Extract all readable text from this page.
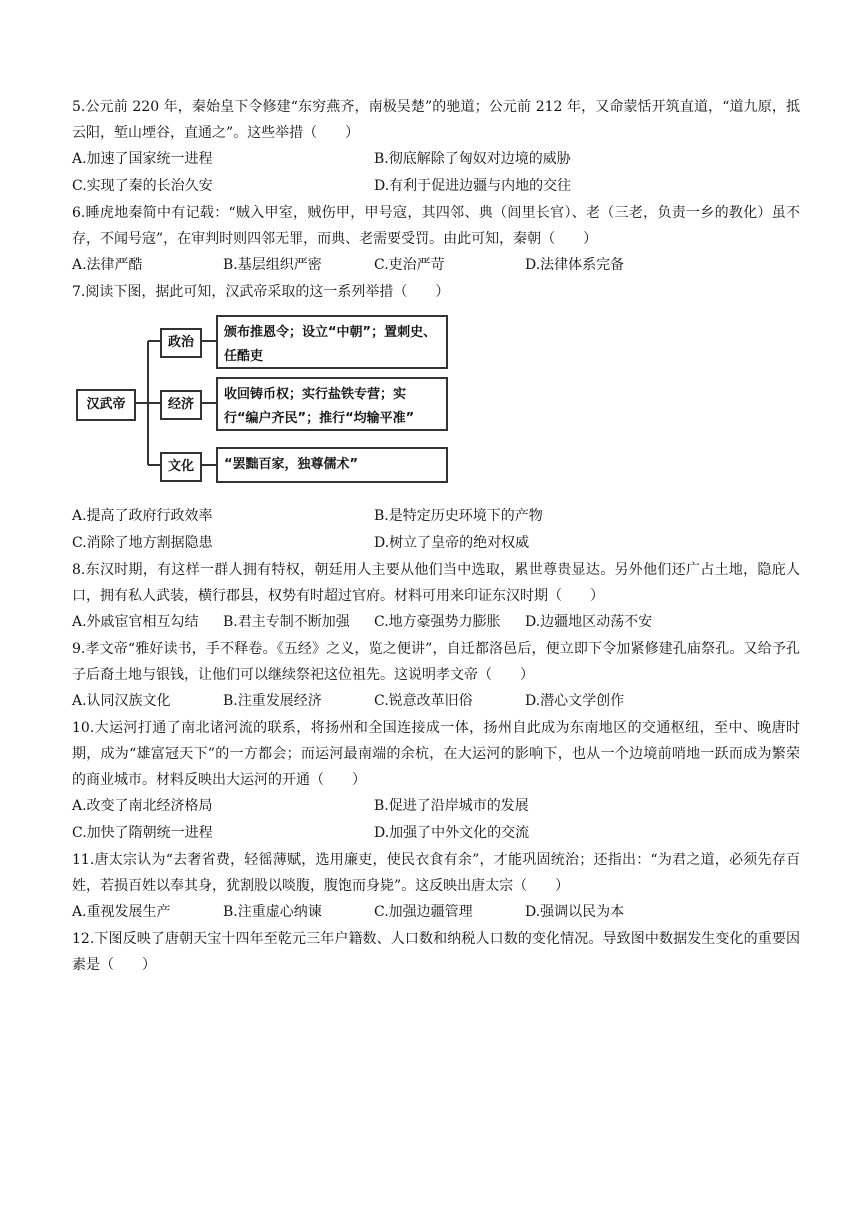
5.公元前 220 年，秦始皇下令修建“东穷燕齐，南极吴楚”的驰道；公元前 212 年，又命蒙恬开筑直道，“道九原，抵云阳，堑山堙谷，直通之”。这些举措（　　）
A.加速了国家统一进程	B.彻底解除了匈奴对边境的威胁
C.实现了秦的长治久安	D.有利于促进边疆与内地的交往
6.睡虎地秦简中有记载：“贼入甲室，贼伤甲，甲号寇，其四邻、典（闾里长官）、老（三老，负责一乡的教化）虽不存，不闻号寇”，在审判时则四邻无罪，而典、老需要受罚。由此可知，秦朝（　　）
A.法律严酷	B.基层组织严密	C.吏治严苛	D.法律体系完备
7.阅读下图，据此可知，汉武帝采取的这一系列举措（　　）
汉武帝
政治
颁布推恩令；设立“中朝”；置刺史、任酷吏
经济
收回铸币权；实行盐铁专营；实行“编户齐民”；推行“均输平准”
文化	“罢黜百家，独尊儒术”
A.提高了政府行政效率	B.是特定历史环境下的产物
C.消除了地方割据隐患	D.树立了皇帝的绝对权威
8.东汉时期，有这样一群人拥有特权，朝廷用人主要从他们当中选取，累世尊贵显达。另外他们还广占土地，隐庇人口，拥有私人武装，横行郡县，权势有时超过官府。材料可用来印证东汉时期（　　）
A.外戚宦官相互勾结	B.君主专制不断加强	C.地方豪强势力膨胀	D.边疆地区动荡不安
9.孝文帝“雅好读书，手不释卷。《五经》之义，览之便讲”，自迁都洛邑后，便立即下令加紧修建孔庙祭孔。又给予孔子后裔土地与银钱，让他们可以继续祭祀这位祖先。这说明孝文帝（　　）
A.认同汉族文化	B.注重发展经济	C.锐意改革旧俗	D.潜心文学创作
10.大运河打通了南北诸河流的联系，将扬州和全国连接成一体，扬州自此成为东南地区的交通枢纽，至中、晚唐时期，成为“雄富冠天下”的一方都会；而运河最南端的余杭，在大运河的影响下，也从一个边境前哨地一跃而成为繁荣的商业城市。材料反映出大运河的开通（　　）
A.改变了南北经济格局	B.促进了沿岸城市的发展
C.加快了隋朝统一进程	D.加强了中外文化的交流
11.唐太宗认为“去奢省费，轻徭薄赋，选用廉吏，使民衣食有余”，才能巩固统治；还指出：“为君之道，必须先存百姓，若损百姓以奉其身，犹割股以啖腹，腹饱而身毙”。这反映出唐太宗（　　）
A.重视发展生产	B.注重虚心纳谏	C.加强边疆管理	D.强调以民为本
12.下图反映了唐朝天宝十四年至乾元三年户籍数、人口数和纳税人口数的变化情况。导致图中数据发生变化的重要因素是（　　）
